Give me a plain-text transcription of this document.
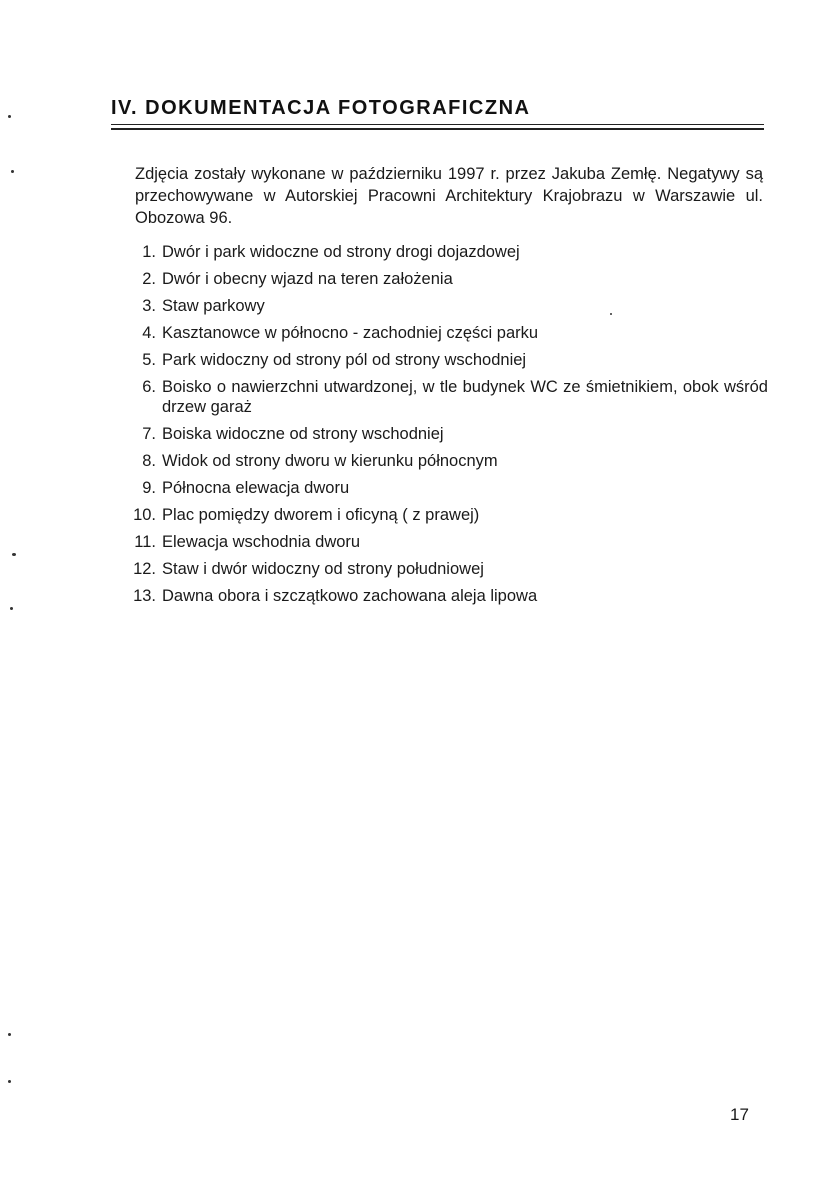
IV. DOKUMENTACJA FOTOGRAFICZNA

Zdjęcia zostały wykonane w październiku 1997 r. przez Jakuba Zemłę. Negatywy są przechowywane w Autorskiej Pracowni Architektury Krajobrazu w Warszawie ul. Obozowa 96.

1. Dwór i park widoczne od strony drogi dojazdowej
2. Dwór i obecny wjazd na teren założenia
3. Staw parkowy
4. Kasztanowce w północno - zachodniej części parku
5. Park widoczny od strony pól od strony wschodniej
6. Boisko o nawierzchni utwardzonej, w tle budynek WC ze śmietnikiem, obok wśród drzew garaż
7. Boiska widoczne od strony wschodniej
8. Widok od strony dworu w kierunku północnym
9. Północna elewacja dworu
10. Plac pomiędzy dworem i oficyną ( z prawej)
11. Elewacja wschodnia dworu
12. Staw i dwór widoczny od strony południowej
13. Dawna obora i szczątkowo zachowana aleja lipowa
17
